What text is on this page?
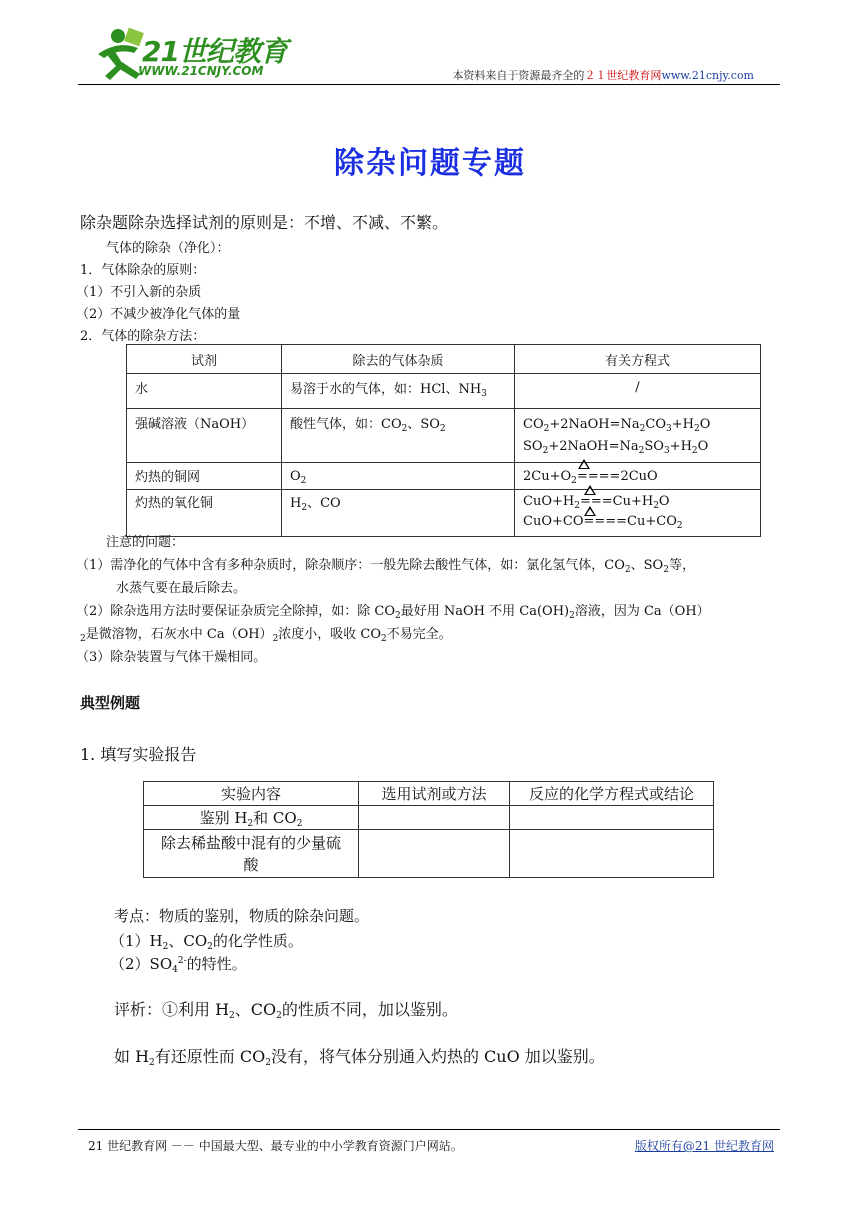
21世纪教育
WWW.21CNJY.COM	本资料来自于资源最齐全的２１世纪教育网www.21cnjy.com
除杂问题专题
除杂题除杂选择试剂的原则是：不增、不减、不繁。
气体的除杂（净化）：
1．气体除杂的原则：
（1）不引入新的杂质
（2）不减少被净化气体的量
2．气体的除杂方法：
试剂	除去的气体杂质	有关方程式
水	易溶于水的气体，如：HCl、$NH_3$	/
强碱溶液（NaOH）	酸性气体，如：$CO_2$、$SO_2$	$CO_2+2NaOH=Na_2CO_3+H_2O$
$SO_2+2NaOH=Na_2SO_3+H_2O$
灼热的铜网	$O_2$	$2Cu+O_2====2CuO$
灼热的氧化铜	$H_2$、CO	$CuO+H_2===Cu+H_2O$
$CuO+CO====Cu+CO_2$
注意的问题：
（1）需净化的气体中含有多种杂质时，除杂顺序：一般先除去酸性气体，如：氯化氢气体，$CO_2$、$SO_2$等，
水蒸气要在最后除去。
（2）除杂选用方法时要保证杂质完全除掉，如：除 $CO_2$最好用 NaOH 不用 $Ca(OH)_2$溶液，因为 Ca（OH）
$_2$是微溶物，石灰水中 $Ca(OH)_2$浓度小，吸收 $CO_2$不易完全。
（3）除杂装置与气体干燥相同。
典型例题
1. 填写实验报告
实验内容	选用试剂或方法	反应的化学方程式或结论
鉴别 $H_2$和 $CO_2$		
除去稀盐酸中混有的少量硫
酸		
考点：物质的鉴别，物质的除杂问题。
$(1)H_2$、$CO_2$的化学性质。
$(2)SO_4^{2-}$的特性。
评析：①利用 $H_2$、$CO_2$的性质不同，加以鉴别。
如 $H_2$有还原性而 $CO_2$没有，将气体分别通入灼热的 CuO 加以鉴别。
21 世纪教育网 －－ 中国最大型、最专业的中小学教育资源门户网站。	版权所有@21 世纪教育网
